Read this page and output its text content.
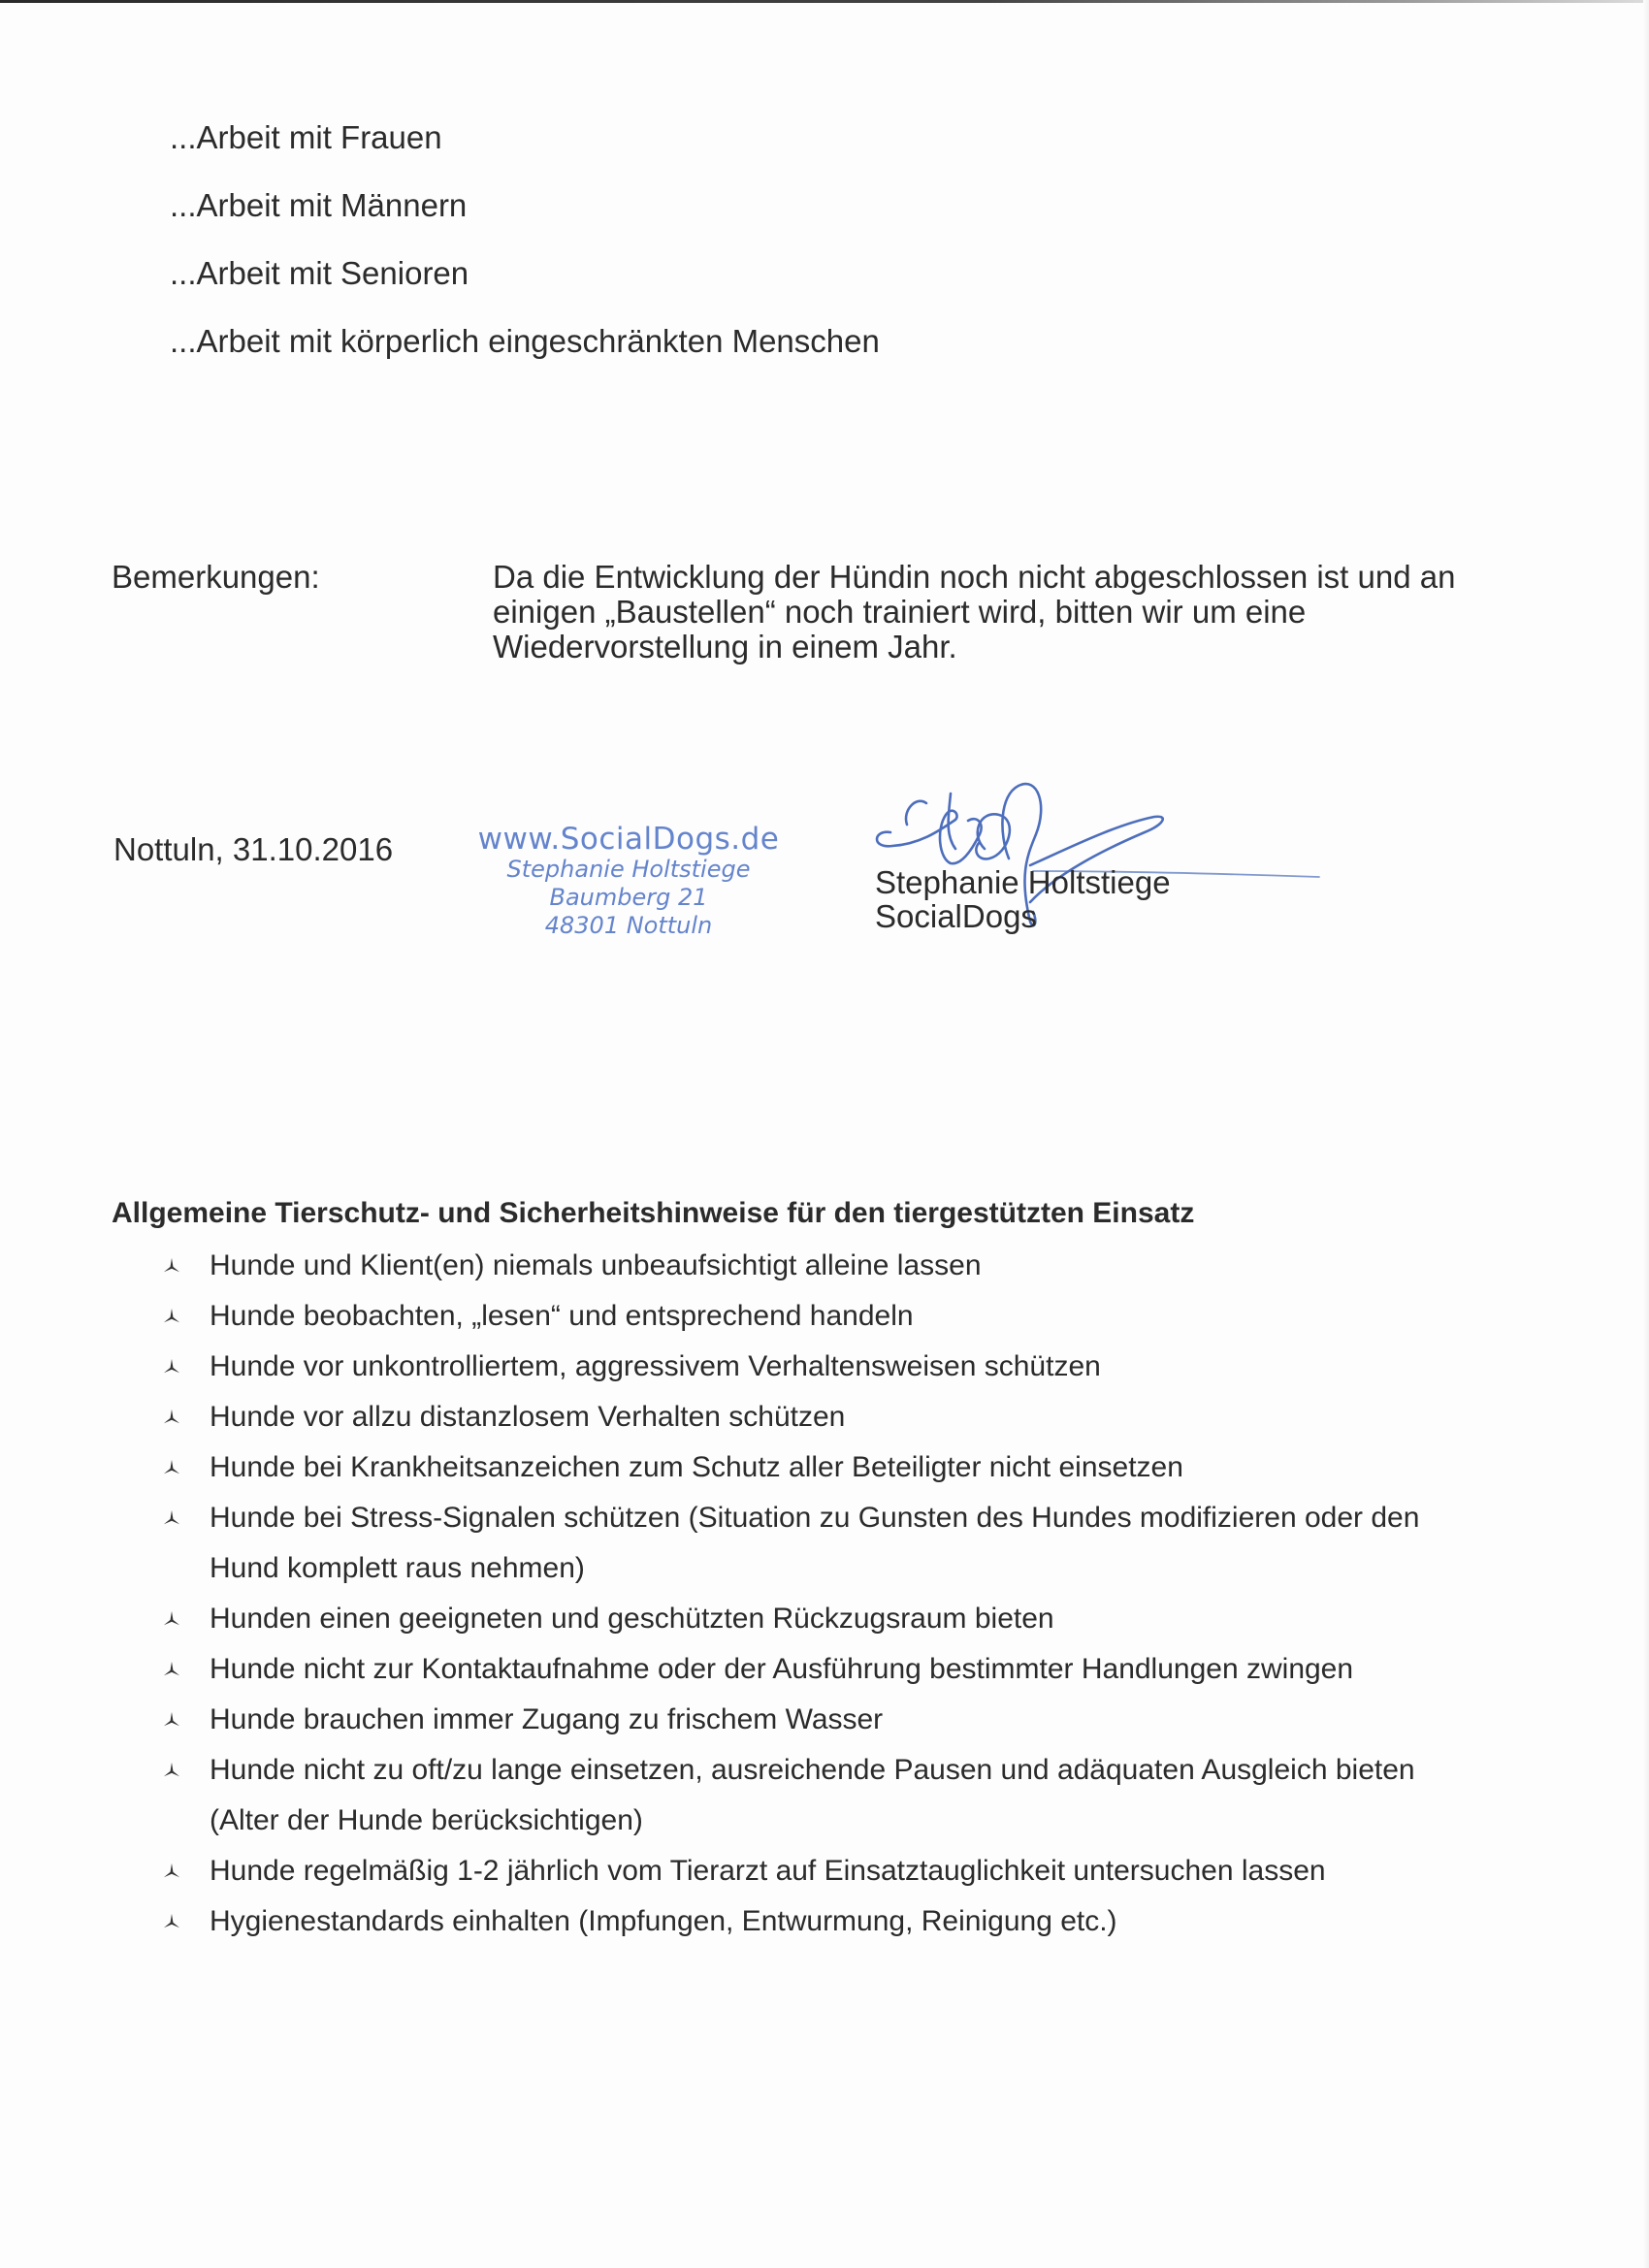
...Arbeit mit Frauen
...Arbeit mit Männern
...Arbeit mit Senioren
...Arbeit mit körperlich eingeschränkten Menschen
Bemerkungen:	Da die Entwicklung der Hündin noch nicht abgeschlossen ist und an
einigen „Baustellen“ noch trainiert wird, bitten wir um eine
Wiedervorstellung in einem Jahr.
Nottuln, 31.10.2016	www.SocialDogs.de
Stephanie Holtstiege
Baumberg 21
48301 Nottuln
Stephanie Holtstiege
SocialDogs
Allgemeine Tierschutz- und Sicherheitshinweise für den tiergestützten Einsatz
Hunde und Klient(en) niemals unbeaufsichtigt alleine lassen
Hunde beobachten, „lesen“ und entsprechend handeln
Hunde vor unkontrolliertem, aggressivem Verhaltensweisen schützen
Hunde vor allzu distanzlosem Verhalten schützen
Hunde bei Krankheitsanzeichen zum Schutz aller Beteiligter nicht einsetzen
Hunde bei Stress-Signalen schützen (Situation zu Gunsten des Hundes modifizieren oder den
Hund komplett raus nehmen)
Hunden einen geeigneten und geschützten Rückzugsraum bieten
Hunde nicht zur Kontaktaufnahme oder der Ausführung bestimmter Handlungen zwingen
Hunde brauchen immer Zugang zu frischem Wasser
Hunde nicht zu oft/zu lange einsetzen, ausreichende Pausen und adäquaten Ausgleich bieten
(Alter der Hunde berücksichtigen)
Hunde regelmäßig 1-2 jährlich vom Tierarzt auf Einsatztauglichkeit untersuchen lassen
Hygienestandards einhalten (Impfungen, Entwurmung, Reinigung etc.)
